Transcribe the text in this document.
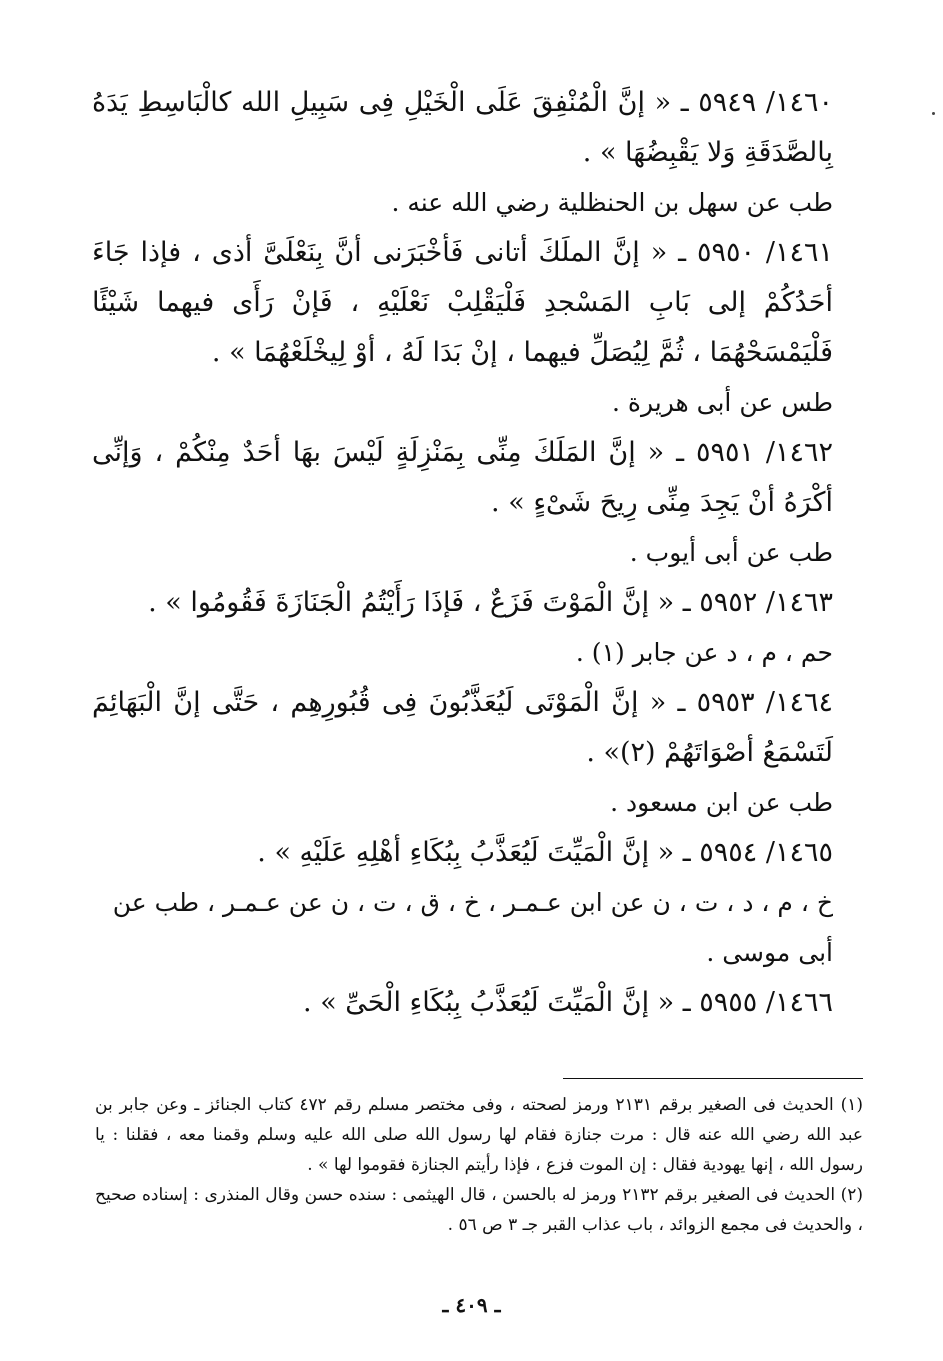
١٤٦٠/ ٥٩٤٩ ـ « إنَّ الْمُنْفِقَ عَلَى الْخَيْلِ فِى سَبِيلِ الله كالْبَاسِطِ يَدَهُ بِالصَّدَقَةِ وَلا يَقْبِضُهَا » .

طب عن سهل بن الحنظلية رضي الله عنه .

١٤٦١/ ٥٩٥٠ ـ « إنَّ الملَكَ أتانى فَأخْبَرَنى أنَّ بِنَعْلَىَّ أذى ، فإذا جَاءَ أحَدُكُمْ إلى بَابِ المَسْجدِ فَلْيَقْلِبْ نَعْلَيْهِ ، فَإنْ رَأَى فيهما شَيْئًا فَلْيَمْسَحْهُمَا ، ثُمَّ لِيُصَلِّ فيهما ، إنْ بَدَا لَهُ ، أوْ لِيخْلَعْهُمَا » .

طس عن أبى هريرة .

١٤٦٢/ ٥٩٥١ ـ « إنَّ المَلَكَ مِنِّى بِمَنْزِلَةٍ لَيْسَ بهَا أحَدٌ مِنْكُمْ ، وَإنِّى أكْرَهُ أنْ يَجِدَ مِنِّى رِيحَ شَىْءٍ » .

طب عن أبى أيوب .

١٤٦٣/ ٥٩٥٢ ـ « إنَّ الْمَوْتَ فَزَعٌ ، فَإذَا رَأَيْتُمُ الْجَنَازَةَ فَقُومُوا » .

حم ، م ، د عن جابر (١) .

١٤٦٤/ ٥٩٥٣ ـ « إنَّ الْمَوْتَى لَيُعَذَّبُونَ فِى قُبُورِهِم ، حَتَّى إنَّ الْبَهَائِمَ لَتَسْمَعُ أصْوَاتَهُمْ (٢)» .

طب عن ابن مسعود .

١٤٦٥/ ٥٩٥٤ ـ « إنَّ الْمَيِّتَ لَيُعَذَّبُ بِبُكَاءِ أهْلِهِ عَلَيْهِ » .

خ ، م ، د ، ت ، ن عن ابن عـمـر ، خ ، ق ، ت ، ن عن عـمـر ، طب عن أبى موسى .

١٤٦٦/ ٥٩٥٥ ـ « إنَّ الْمَيِّتَ لَيُعَذَّبُ بِبُكَاءِ الْحَىِّ » .

(١) الحديث فى الصغير برقم ٢١٣١ ورمز لصحته ، وفى مختصر مسلم رقم ٤٧٢ كتاب الجنائز ـ وعن جابر بن عبد الله رضي الله عنه قال : مرت جنازة فقام لها رسول الله صلى الله عليه وسلم وقمنا معه ، فقلنا : يا رسول الله ، إنها يهودية فقال : إن الموت فزع ، فإذا رأيتم الجنازة فقوموا لها » .

(٢) الحديث فى الصغير برقم ٢١٣٢ ورمز له بالحسن ، قال الهيثمى : سنده حسن وقال المنذرى : إسناده صحيح ، والحديث فى مجمع الزوائد ، باب عذاب القبر جـ ٣ ص ٥٦ .

ـ ٤٠٩ ـ
